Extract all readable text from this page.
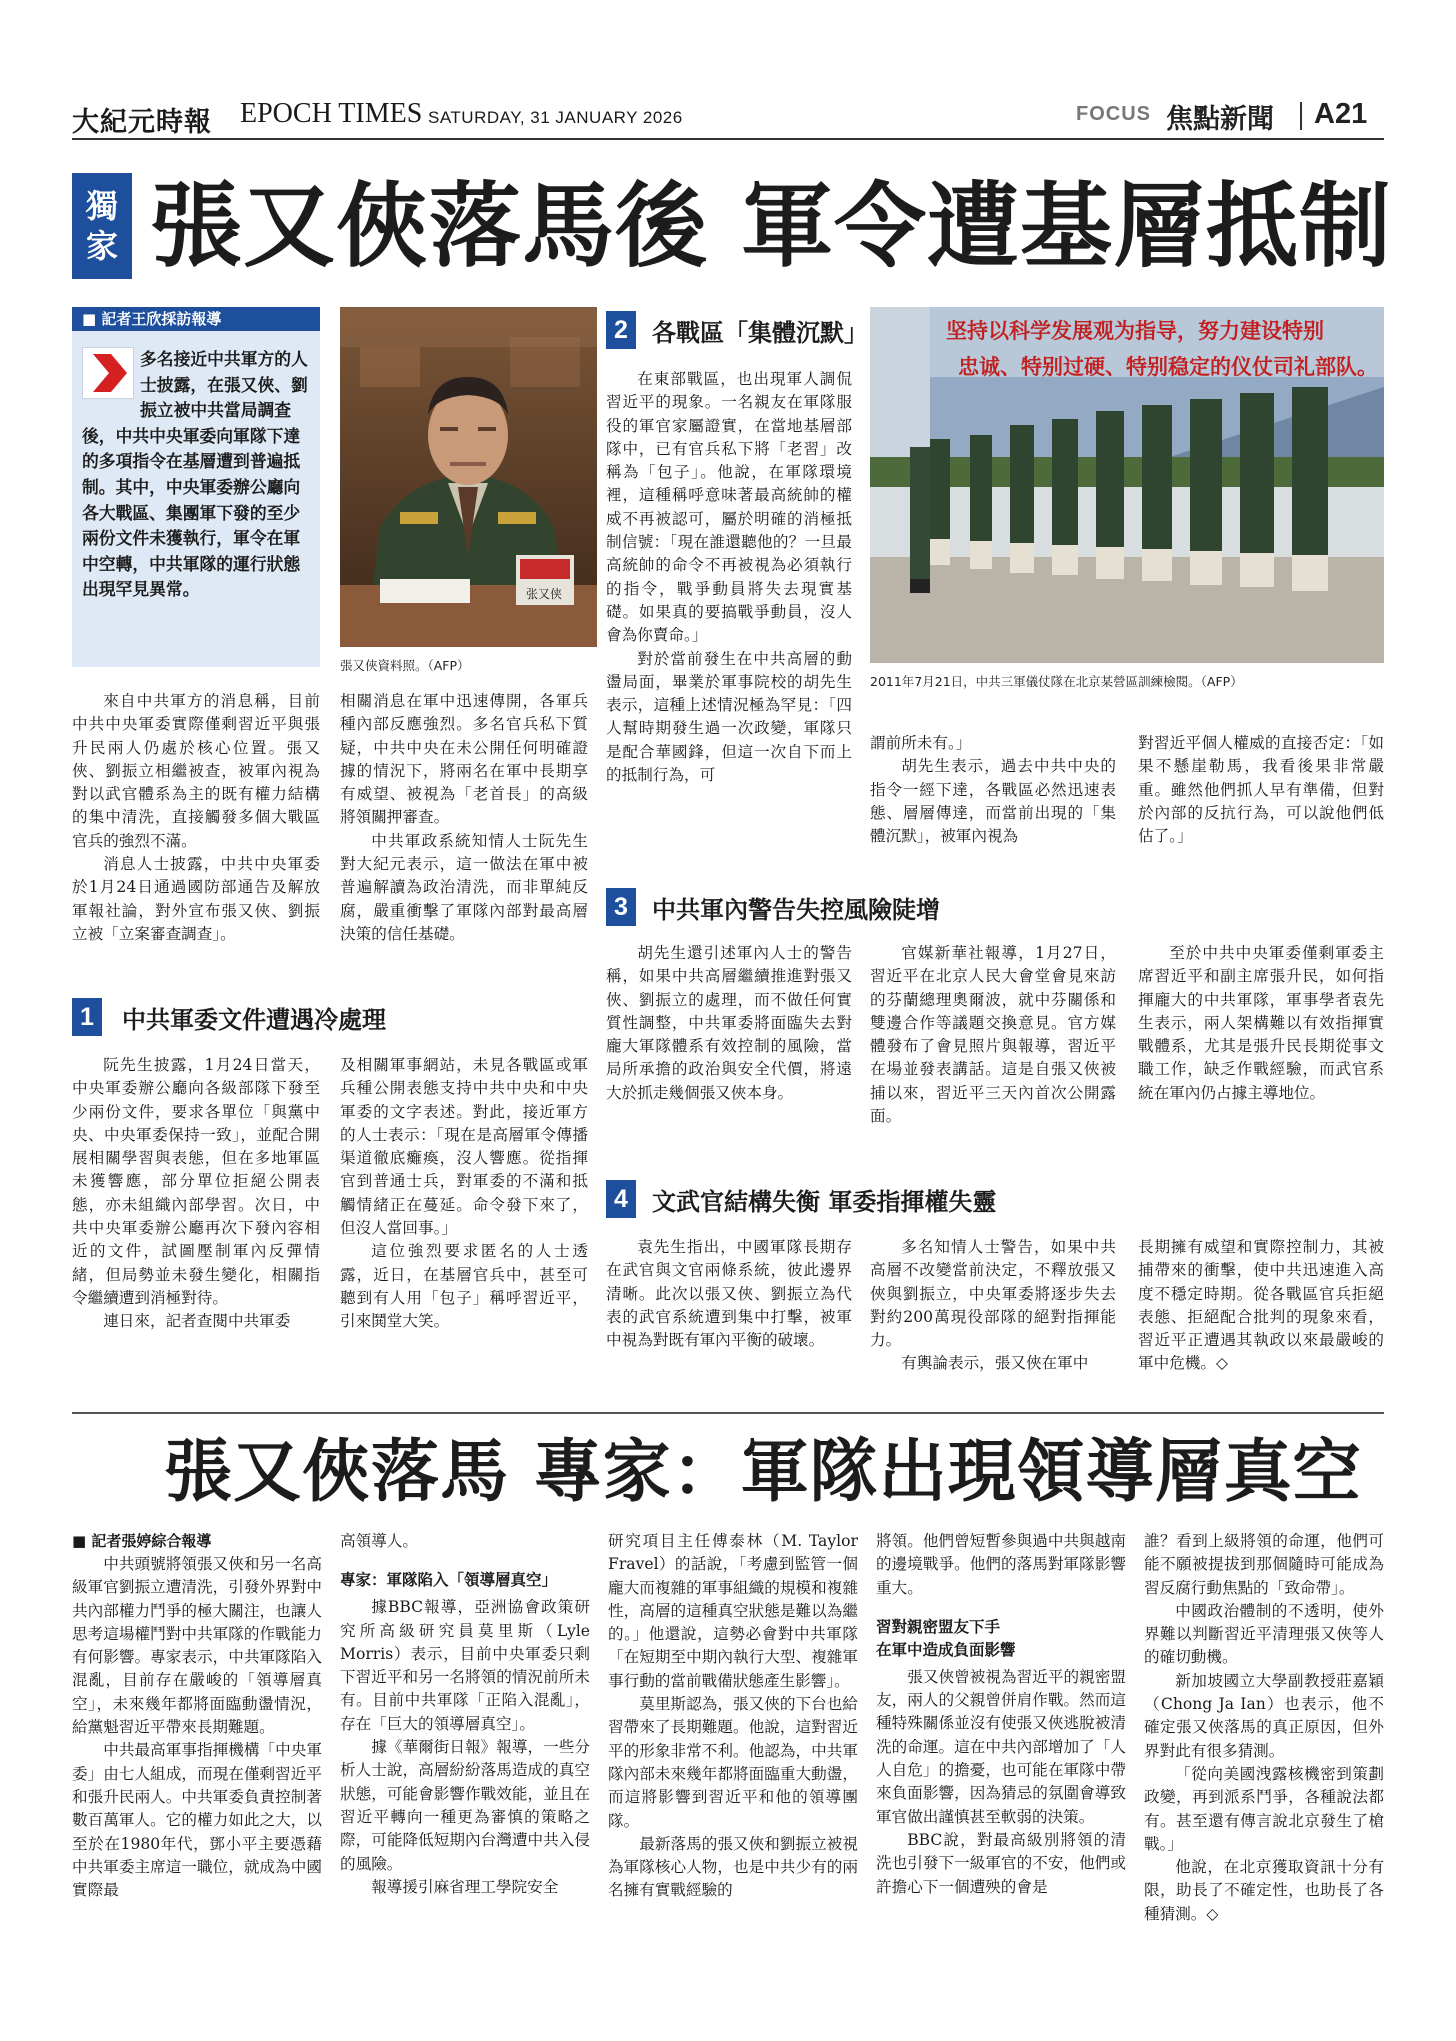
大紀元時報 EPOCH TIMES SATURDAY, 31 JANUARY 2026	FOCUS 焦點新聞 A21
獨家 張又俠落馬後 軍令遭基層抵制
■ 記者王欣採訪報導
多名接近中共軍方的人士披露，在張又俠、劉振立被中共當局調查後，中共中央軍委向軍隊下達的多項指令在基層遭到普遍抵制。其中，中央軍委辦公廳向各大戰區、集團軍下發的至少兩份文件未獲執行，軍令在軍中空轉，中共軍隊的運行狀態出現罕見異常。	张又侠
張又俠資料照。（AFP）
2	各戰區「集體沉默」	坚持以科学发展观为指导，努力建设特别
忠诚、特别过硬、特别稳定的仪仗司礼部队。
2011年7月21日，中共三軍儀仗隊在北京某營區訓練檢閱。（AFP）

在東部戰區，也出現軍人調侃習近平的現象。一名親友在軍隊服役的軍官家屬證實，在當地基層部隊中，已有官兵私下將「老習」改稱為「包子」。他說，在軍隊環境裡，這種稱呼意味著最高統帥的權威不再被認可，屬於明確的消極抵制信號：「現在誰還聽他的？一旦最高統帥的命令不再被視為必須執行的指令，戰爭動員將失去現實基礎。如果真的要搞戰爭動員，沒人會為你賣命。」

對於當前發生在中共高層的動盪局面，畢業於軍事院校的胡先生表示，這種上述情況極為罕見：「四人幫時期發生過一次政變，軍隊只是配合華國鋒，但這一次自下而上的抵制行為，可

來自中共軍方的消息稱，目前中共中央軍委實際僅剩習近平與張升民兩人仍處於核心位置。張又俠、劉振立相繼被查，被軍內視為對以武官體系為主的既有權力結構的集中清洗，直接觸發多個大戰區官兵的強烈不滿。

消息人士披露，中共中央軍委於1月24日通過國防部通告及解放軍報社論，對外宣布張又俠、劉振立被「立案審查調查」。

相關消息在軍中迅速傳開，各軍兵種內部反應強烈。多名官兵私下質疑，中共中央在未公開任何明確證據的情況下，將兩名在軍中長期享有威望、被視為「老首長」的高級將領關押審查。

中共軍政系統知情人士阮先生對大紀元表示，這一做法在軍中被普遍解讀為政治清洗，而非單純反腐，嚴重衝擊了軍隊內部對最高層決策的信任基礎。

謂前所未有。」

胡先生表示，過去中共中央的指令一經下達，各戰區必然迅速表態、層層傳達，而當前出現的「集體沉默」，被軍內視為

對習近平個人權威的直接否定：「如果不懸崖勒馬，我看後果非常嚴重。雖然他們抓人早有準備，但對於內部的反抗行為，可以說他們低估了。」

3	中共軍內警告失控風險陡增

胡先生還引述軍內人士的警告稱，如果中共高層繼續推進對張又俠、劉振立的處理，而不做任何實質性調整，中共軍委將面臨失去對龐大軍隊體系有效控制的風險，當局所承擔的政治與安全代價，將遠大於抓走幾個張又俠本身。

官媒新華社報導，1月27日，習近平在北京人民大會堂會見來訪的芬蘭總理奧爾波，就中芬關係和雙邊合作等議題交換意見。官方媒體發布了會見照片與報導，習近平在場並發表講話。這是自張又俠被捕以來，習近平三天內首次公開露面。

至於中共中央軍委僅剩軍委主席習近平和副主席張升民，如何指揮龐大的中共軍隊，軍事學者袁先生表示，兩人架構難以有效指揮實戰體系，尤其是張升民長期從事文職工作，缺乏作戰經驗，而武官系統在軍內仍占據主導地位。

1	中共軍委文件遭遇冷處理

阮先生披露，1月24日當天，中央軍委辦公廳向各級部隊下發至少兩份文件，要求各單位「與黨中央、中央軍委保持一致」，並配合開展相關學習與表態，但在多地軍區未獲響應，部分單位拒絕公開表態，亦未組織內部學習。次日，中共中央軍委辦公廳再次下發內容相近的文件，試圖壓制軍內反彈情緒，但局勢並未發生變化，相關指令繼續遭到消極對待。

連日來，記者查閱中共軍委

及相關軍事網站，未見各戰區或軍兵種公開表態支持中共中央和中央軍委的文字表述。對此，接近軍方的人士表示：「現在是高層軍令傳播渠道徹底癱瘓，沒人響應。從指揮官到普通士兵，對軍委的不滿和抵觸情緒正在蔓延。命令發下來了，但沒人當回事。」

這位強烈要求匿名的人士透露，近日，在基層官兵中，甚至可聽到有人用「包子」稱呼習近平，引來鬨堂大笑。

4	文武官結構失衡 軍委指揮權失靈

袁先生指出，中國軍隊長期存在武官與文官兩條系統，彼此邊界清晰。此次以張又俠、劉振立為代表的武官系統遭到集中打擊，被軍中視為對既有軍內平衡的破壞。

多名知情人士警告，如果中共高層不改變當前決定，不釋放張又俠與劉振立，中央軍委將逐步失去對約200萬現役部隊的絕對指揮能力。

有輿論表示，張又俠在軍中

長期擁有威望和實際控制力，其被捕帶來的衝擊，使中共迅速進入高度不穩定時期。從各戰區官兵拒絕表態、拒絕配合批判的現象來看，習近平正遭遇其執政以來最嚴峻的軍中危機。◇

張又俠落馬 專家：軍隊出現領導層真空
■ 記者張婷綜合報導

中共頭號將領張又俠和另一名高級軍官劉振立遭清洗，引發外界對中共內部權力鬥爭的極大關注，也讓人思考這場權鬥對中共軍隊的作戰能力有何影響。專家表示，中共軍隊陷入混亂，目前存在嚴峻的「領導層真空」，未來幾年都將面臨動盪情況，給黨魁習近平帶來長期難題。

中共最高軍事指揮機構「中央軍委」由七人組成，而現在僅剩習近平和張升民兩人。中共軍委負責控制著數百萬軍人。它的權力如此之大，以至於在1980年代，鄧小平主要憑藉中共軍委主席這一職位，就成為中國實際最

高領導人。

專家：軍隊陷入「領導層真空」

據BBC報導，亞洲協會政策研究所高級研究員莫里斯（Lyle Morris）表示，目前中央軍委只剩下習近平和另一名將領的情況前所未有。目前中共軍隊「正陷入混亂」，存在「巨大的領導層真空」。

據《華爾街日報》報導，一些分析人士說，高層紛紛落馬造成的真空狀態，可能會影響作戰效能，並且在習近平轉向一種更為審慎的策略之際，可能降低短期內台灣遭中共入侵的風險。

報導援引麻省理工學院安全

研究項目主任傅泰林（M. Taylor Fravel）的話說，「考慮到監管一個龐大而複雜的軍事組織的規模和複雜性，高層的這種真空狀態是難以為繼的。」他還說，這勢必會對中共軍隊「在短期至中期內執行大型、複雜軍事行動的當前戰備狀態產生影響」。

莫里斯認為，張又俠的下台也給習帶來了長期難題。他說，這對習近平的形象非常不利。他認為，中共軍隊內部未來幾年都將面臨重大動盪，而這將影響到習近平和他的領導團隊。

最新落馬的張又俠和劉振立被視為軍隊核心人物，也是中共少有的兩名擁有實戰經驗的

將領。他們曾短暫參與過中共與越南的邊境戰爭。他們的落馬對軍隊影響重大。

習對親密盟友下手
在軍中造成負面影響

張又俠曾被視為習近平的親密盟友，兩人的父親曾併肩作戰。然而這種特殊關係並沒有使張又俠逃脫被清洗的命運。這在中共內部增加了「人人自危」的擔憂，也可能在軍隊中帶來負面影響，因為猜忌的氛圍會導致軍官做出謹慎甚至軟弱的決策。

BBC說，對最高級別將領的清洗也引發下一級軍官的不安，他們或許擔心下一個遭殃的會是

誰？看到上級將領的命運，他們可能不願被提拔到那個隨時可能成為習反腐行動焦點的「致命帶」。

中國政治體制的不透明，使外界難以判斷習近平清理張又俠等人的確切動機。

新加坡國立大學副教授莊嘉穎（Chong Ja Ian）也表示，他不確定張又俠落馬的真正原因，但外界對此有很多猜測。

「從向美國洩露核機密到策劃政變，再到派系鬥爭，各種說法都有。甚至還有傳言說北京發生了槍戰。」

他說，在北京獲取資訊十分有限，助長了不確定性，也助長了各種猜測。◇
